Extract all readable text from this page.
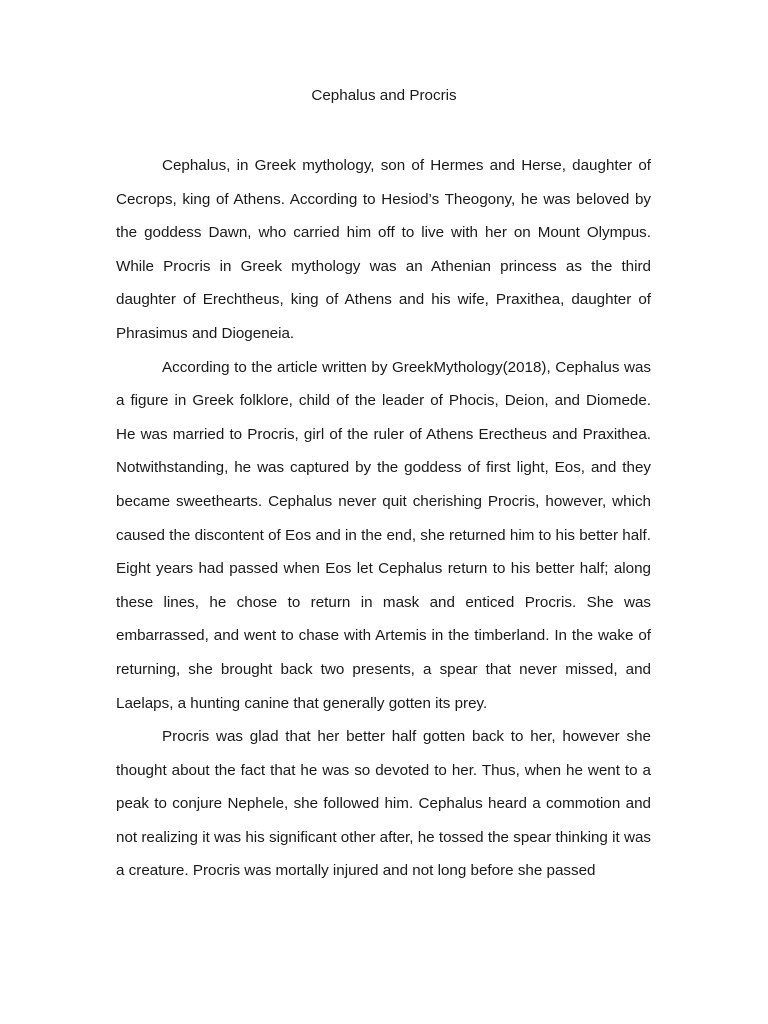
Cephalus and Procris

Cephalus, in Greek mythology, son of Hermes and Herse, daughter of Cecrops, king of Athens. According to Hesiod’s Theogony, he was beloved by the goddess Dawn, who carried him off to live with her on Mount Olympus. While Procris in Greek mythology was an Athenian princess as the third daughter of Erechtheus, king of Athens and his wife, Praxithea, daughter of Phrasimus and Diogeneia.

According to the article written by GreekMythology(2018), Cephalus was a figure in Greek folklore, child of the leader of Phocis, Deion, and Diomede. He was married to Procris, girl of the ruler of Athens Erectheus and Praxithea. Notwithstanding, he was captured by the goddess of first light, Eos, and they became sweethearts. Cephalus never quit cherishing Procris, however, which caused the discontent of Eos and in the end, she returned him to his better half. Eight years had passed when Eos let Cephalus return to his better half; along these lines, he chose to return in mask and enticed Procris. She was embarrassed, and went to chase with Artemis in the timberland. In the wake of returning, she brought back two presents, a spear that never missed, and Laelaps, a hunting canine that generally gotten its prey.

Procris was glad that her better half gotten back to her, however she thought about the fact that he was so devoted to her. Thus, when he went to a peak to conjure Nephele, she followed him. Cephalus heard a commotion and not realizing it was his significant other after, he tossed the spear thinking it was a creature. Procris was mortally injured and not long before she passed
